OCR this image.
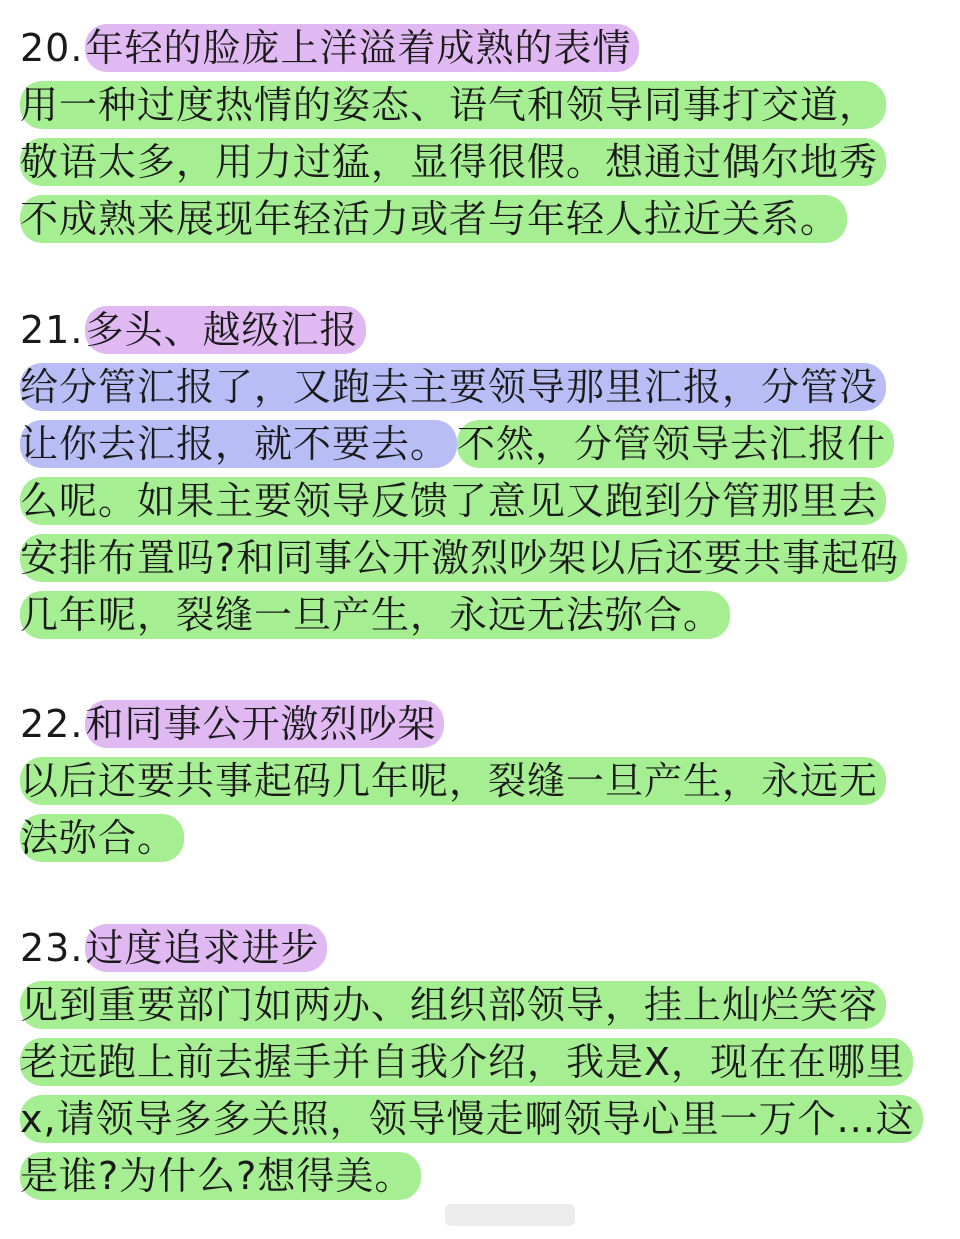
20.年轻的脸庞上洋溢着成熟的表情
用一种过度热情的姿态、语气和领导同事打交道，
敬语太多，用力过猛，显得很假。想通过偶尔地秀
不成熟来展现年轻活力或者与年轻人拉近关系。
21.多头、越级汇报
给分管汇报了，又跑去主要领导那里汇报，分管没
让你去汇报，就不要去。 不然，分管领导去汇报什
么呢。如果主要领导反馈了意见又跑到分管那里去
安排布置吗?和同事公开激烈吵架以后还要共事起码
几年呢，裂缝一旦产生，永远无法弥合。
22.和同事公开激烈吵架
以后还要共事起码几年呢，裂缝一旦产生，永远无
法弥合。
23.过度追求进步
见到重要部门如两办、组织部领导，挂上灿烂笑容
老远跑上前去握手并自我介绍，我是X，现在在哪里
x,请领导多多关照，领导慢走啊领导心里一万个...这
是谁?为什么?想得美。
